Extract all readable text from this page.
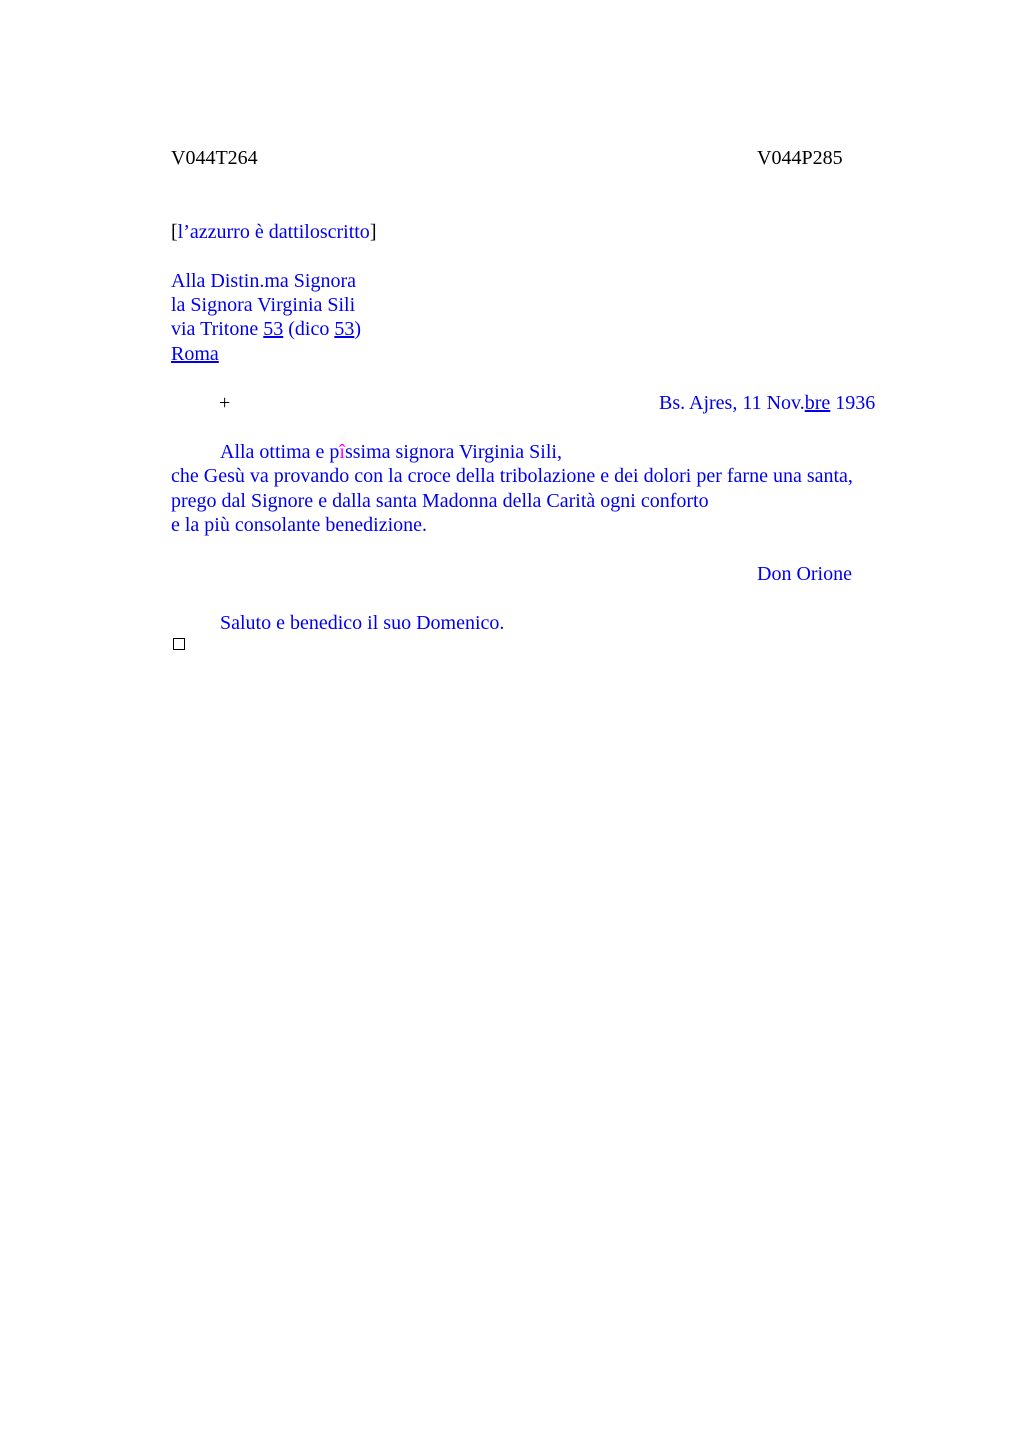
V044T264	V044P285
[l’azzurro è dattiloscritto]
Alla Distin.ma Signora
la Signora Virginia Sili
via Tritone 53 (dico 53)
Roma
+	Bs. Ajres, 11 Nov.bre 1936
Alla ottima e pîssima signora Virginia Sili,
che Gesù va provando con la croce della tribolazione e dei dolori per farne una santa,
prego dal Signore e dalla santa Madonna della Carità ogni conforto
e la più consolante benedizione.
Don Orione
Saluto e benedico il suo Domenico.
